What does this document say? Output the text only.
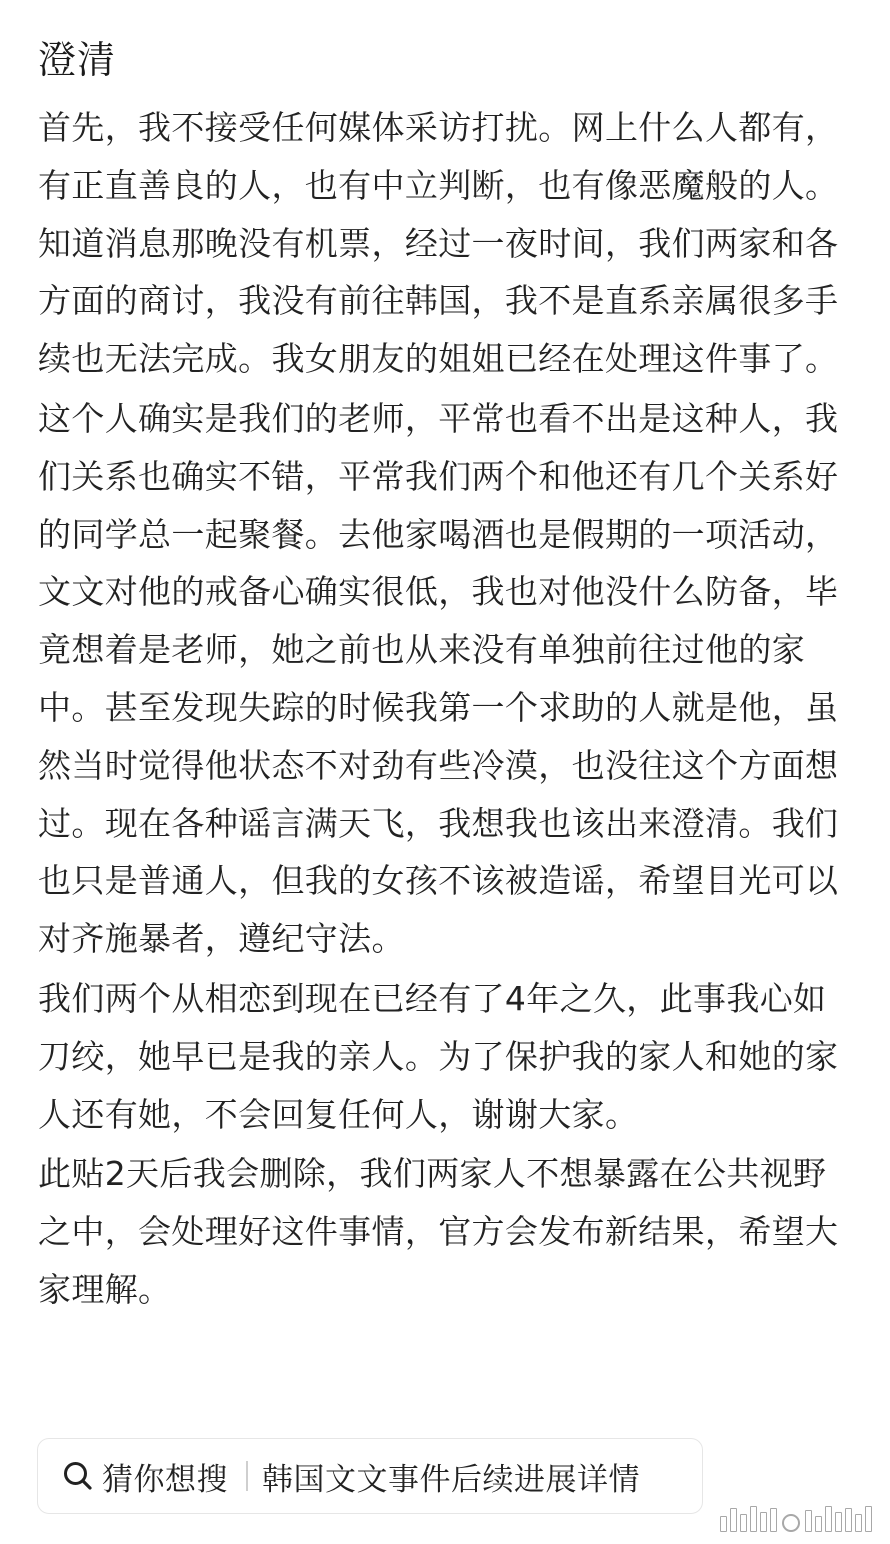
澄清

首先，我不接受任何媒体采访打扰。网上什么人都有，有正直善良的人，也有中立判断，也有像恶魔般的人。知道消息那晚没有机票，经过一夜时间，我们两家和各方面的商讨，我没有前往韩国，我不是直系亲属很多手续也无法完成。我女朋友的姐姐已经在处理这件事了。

这个人确实是我们的老师，平常也看不出是这种人，我们关系也确实不错，平常我们两个和他还有几个关系好的同学总一起聚餐。去他家喝酒也是假期的一项活动，文文对他的戒备心确实很低，我也对他没什么防备，毕竟想着是老师，她之前也从来没有单独前往过他的家中。甚至发现失踪的时候我第一个求助的人就是他，虽然当时觉得他状态不对劲有些冷漠，也没往这个方面想过。现在各种谣言满天飞，我想我也该出来澄清。我们也只是普通人，但我的女孩不该被造谣，希望目光可以对齐施暴者，遵纪守法。

我们两个从相恋到现在已经有了4年之久，此事我心如刀绞，她早已是我的亲人。为了保护我的家人和她的家人还有她，不会回复任何人，谢谢大家。

此贴2天后我会删除，我们两家人不想暴露在公共视野之中，会处理好这件事情，官方会发布新结果，希望大家理解。

猜你想搜 韩国文文事件后续进展详情
